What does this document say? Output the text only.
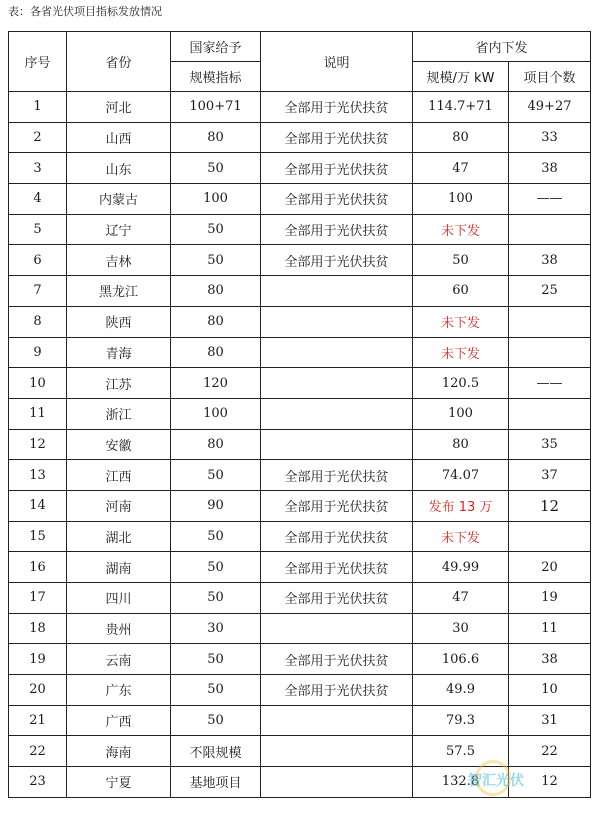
表：各省光伏项目指标发放情况
序号	省份	国家给予	说明	省内下发	
		规模指标		规模/万 kW	项目个数
1	河北	100+71	全部用于光伏扶贫	114.7+71	49+27
2	山西	80	全部用于光伏扶贫	80	33
3	山东	50	全部用于光伏扶贫	47	38
4	内蒙古	100	全部用于光伏扶贫	100	——
5	辽宁	50	全部用于光伏扶贫	未下发	
6	吉林	50	全部用于光伏扶贫	50	38
7	黑龙江	80		60	25
8	陕西	80		未下发	
9	青海	80		未下发	
10	江苏	120		120.5	——
11	浙江	100		100	
12	安徽	80		80	35
13	江西	50	全部用于光伏扶贫	74.07	37
14	河南	90	全部用于光伏扶贫	发布 13 万	12
15	湖北	50	全部用于光伏扶贫	未下发	
16	湖南	50	全部用于光伏扶贫	49.99	20
17	四川	50	全部用于光伏扶贫	47	19
18	贵州	30		30	11
19	云南	50	全部用于光伏扶贫	106.6	38
20	广东	50	全部用于光伏扶贫	49.9	10
21	广西	50		79.3	31
22	海南	不限规模		57.5	22
23	宁夏	基地项目		132.8	12
智汇光伏
